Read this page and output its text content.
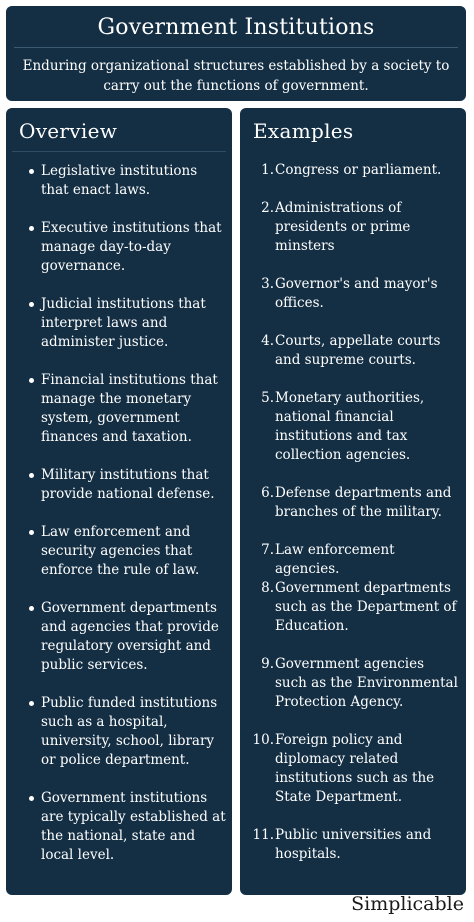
Government Institutions
Enduring organizational structures established by a society to carry out the functions of government.
Overview
Legislative institutions that enact laws.
Executive institutions that manage day-to-day governance.
Judicial institutions that interpret laws and administer justice.
Financial institutions that manage the monetary system, government finances and taxation.
Military institutions that provide national defense.
Law enforcement and security agencies that enforce the rule of law.
Government departments and agencies that provide regulatory oversight and public services.
Public funded institutions such as a hospital, university, school, library or police department.
Government institutions are typically established at the national, state and local level.
Examples
1. Congress or parliament.
2. Administrations of presidents or prime minsters
3. Governor's and mayor's offices.
4. Courts, appellate courts and supreme courts.
5. Monetary authorities, national financial institutions and tax collection agencies.
6. Defense departments and branches of the military.
7. Law enforcement agencies.
8. Government departments such as the Department of Education.
9. Government agencies such as the Environmental Protection Agency.
10. Foreign policy and diplomacy related institutions such as the State Department.
11. Public universities and hospitals.
Simplicable
